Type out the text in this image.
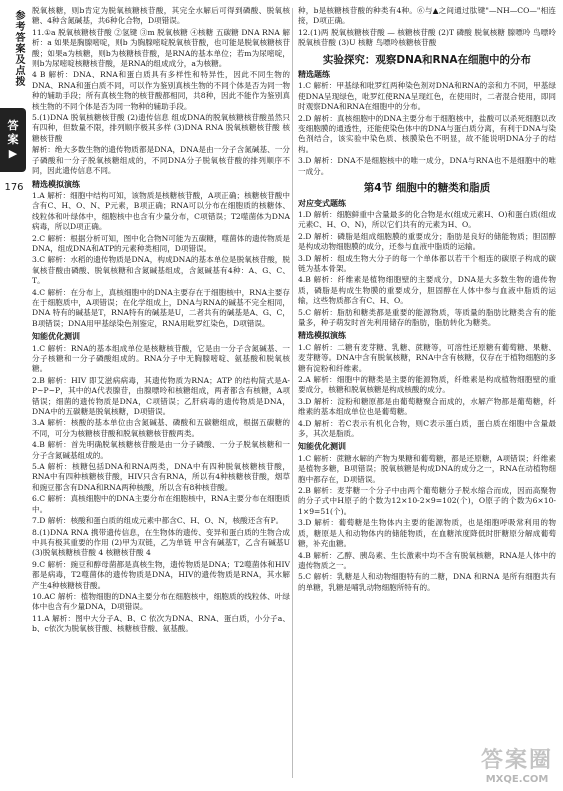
参考答案及点拨
答
案
▶
176

脱氧核糖，则b肯定为脱氧核糖核苷酸，其完全水解后可得到磷酸、脱氧核糖、4种含氮碱基，共6种化合物，D项错误。

11.①a 脱氧核糖核苷酸 ②氢键 ③m 脱氧核糖 ④核糖 五碳糖 DNA RNA 解析：a 如果是胸腺嘧啶，则b 为胸腺嘧啶脱氧核苷酸，也可能是脱氧核糖核苷酸；如果a为核糖，则b为核糖核苷酸，是RNA的基本单位；若m为尿嘧啶，则b为尿嘧啶核糖核苷酸，是RNA的组成成分，a为核糖。

4 B 解析：DNA、RNA和蛋白质具有多样性和特异性，因此不同生物的DNA、RNA和蛋白质不同，可以作为鉴别真核生物的不同个体是否为同一物种的辅助手段；所有真核生物的核苷酸都相同，共8种，因此不能作为鉴别真核生物的不同个体是否为同一物种的辅助手段。

5.(1)DNA 脱氧核糖核苷酸 (2)遗传信息 组成DNA的脱氧核糖核苷酸虽然只有四种，但数量不限，排列顺序极其多样 (3)DNA RNA 脱氧核糖核苷酸 核糖核苷酸

解析：绝大多数生物的遗传物质都是DNA，DNA是由一分子含氮碱基、一分子磷酸和一分子脱氧核糖组成的，不同DNA分子脱氧核苷酸的排列顺序不同，因此遗传信息不同。

精选模拟演练

1.A 解析：细胞中结构可知，该物质是核糖核苷酸，A项正确；核糖核苷酸中含有C、H、O、N、P元素，B项正确；RNA可以分布在细胞质的核糖体、线粒体和叶绿体中，细胞核中也含有少量分布，C项错误；T2噬菌体为DNA病毒，所以D项正确。

2.C 解析：根据分析可知，图中化合物N可能为五碳糖，噬菌体的遗传物质是DNA，组成DNA和ATP的元素种类相同，D项错误。

3.C 解析：水稻的遗传物质是DNA，构成DNA的基本单位是脱氧核苷酸，脱氧核苷酸由磷酸、脱氧核糖和含氮碱基组成，含氮碱基有4种：A、G、C、T。

4.C 解析：在分布上，真核细胞中的DNA主要存在于细胞核中，RNA主要存在于细胞质中，A项错误；在化学组成上，DNA与RNA的碱基不完全相同，DNA 特有的碱基是T，RNA特有的碱基是U，二者共有的碱基是A、G、C，B项错误；DNA用甲基绿染色剂鉴定，RNA用吡罗红染色，D项错误。

知能优化测训

1.C 解析：RNA的基本组成单位是核糖核苷酸，它是由一分子含氮碱基、一分子核糖和一分子磷酸组成的。RNA分子中无胸腺嘧啶、氨基酸和脱氧核糖。

2.B 解析：HIV 即艾滋病病毒，其遗传物质为RNA；ATP 的结构简式是A-P~P~P，其中的A代表腺苷，由腺嘌呤和核糖组成，两者都含有核糖，A项错误；细菌的遗传物质是DNA，C项错误；乙肝病毒的遗传物质是DNA，DNA中的五碳糖是脱氧核糖，D项错误。

3.A 解析：核酸的基本单位由含氮碱基、磷酸和五碳糖组成，根据五碳糖的不同，可分为核糖核苷酸和脱氧核糖核苷酸两类。

4.B 解析：首先明确脱氧核糖核苷酸是由一分子磷酸、一分子脱氧核糖和一分子含氮碱基组成的。

5.A 解析：核糖包括DNA和RNA两类，DNA中有四种脱氧核糖核苷酸，RNA中有四种核糖核苷酸，HIV只含有RNA，所以有4种核糖核苷酸，烟草和豌豆都含有DNA和RNA两种核酸，所以含有8种核苷酸。

6.C 解析：真核细胞中的DNA主要分布在细胞核中，RNA主要分布在细胞质中。

7.D 解析：核酸和蛋白质的组成元素中都含C、H、O、N，核酸还含有P。

8.(1)DNA RNA 携带遗传信息，在生物体的遗传、变异和蛋白质的生物合成中具有极其重要的作用 (2)甲为双链，乙为单链 甲含有碱基T，乙含有碱基U (3)脱氧核糖核苷酸 4 核糖核苷酸 4

9.C 解析：豌豆和醇母菌都是真核生物，遗传物质是DNA；T2噬菌体和HIV都是病毒，T2噬菌体的遗传物质是DNA，HIV的遗传物质是RNA，其水解产生4种核糖核苷酸。

10.AC 解析：植物细胞的DNA主要分布在细胞核中，细胞质的线粒体、叶绿体中也含有少量DNA，D项错误。

11.A 解析：图中大分子A、B、C 依次为DNA、RNA、蛋白质，小分子a、b、c依次为脱氧核苷酸、核糖核苷酸、氨基酸。

种，b是核糖核苷酸的种类有4种。⑥与▲之间通过肽键"—NH—CO—"相连接，D项正确。

12.(1)两 脱氧核糖核苷酸 — 核糖核苷酸 (2)T 磷酸 脱氧核糖 腺嘌呤 鸟嘌呤脱氧核苷酸 (3)U 核糖 鸟嘌呤核糖核苷酸

实验探究：观察DNA和RNA在细胞中的分布
精选题练

1.C 解析：甲基绿和吡罗红两种染色剂对DNA和RNA的亲和力不同，甲基绿使DNA呈现绿色，吡罗红使RNA呈现红色，在使用时，二者混合使用，即同时观察DNA和RNA在细胞中的分布。

2.D 解析：真核细胞中的DNA主要分布于细胞核中，盐酸可以杀死细胞以改变细胞膜的通透性，还能使染色体中的DNA与蛋白质分离，有利于DNA与染色剂结合，该实验中染色质、核膜染色不明显，故不能说明DNA分子的结构。

3.D 解析：DNA不是细胞核中的唯一成分，DNA与RNA也不是细胞中的唯一成分。

第4节 细胞中的糖类和脂质
对应变式题练

1.D 解析：细胞鲜重中含量最多的化合物是水(组成元素H、O)和蛋白质(组成元素C、H、O、N)，所以它们共有的元素为H、O。

2.D 解析：磷脂是组成细胞膜的重要成分；脂肪是良好的储能物质；胆固醇是构成动物细胞膜的成分，还参与血液中脂质的运输。

3.D 解析：组成生物大分子的每一个单体都以若干个相连的碳原子构成的碳链为基本骨架。

4.B 解析：纤维素是植物细胞壁的主要成分，DNA是大多数生物的遗传物质，磷脂是构成生物膜的重要成分，胆固醇在人体中参与血液中脂质的运输，这些物质都含有C、H、O。

5.C 解析：脂肪和糖类都是重要的能源物质，等质量的脂肪比糖类含有的能量多，种子萌发时首先利用储存的脂肪，脂肪转化为糖类。

精选模拟演练

1.C 解析：二糖有麦芽糖、乳糖、蔗糖等，可溶性还原糖有葡萄糖、果糖、麦芽糖等。DNA中含有脱氧核糖，RNA中含有核糖，仅存在于植物细胞的多糖有淀粉和纤维素。

2.A 解析：细胞中的糖类是主要的能源物质，纤维素是构成植物细胞壁的重要成分，核糖和脱氧核糖是构成核酸的成分。

3.D 解析：淀粉和糖原都是由葡萄糖聚合而成的，水解产物都是葡萄糖，纤维素的基本组成单位也是葡萄糖。

4.D 解析：若C表示有机化合物，则C表示蛋白质，蛋白质在细胞中含量最多，其次是脂质。

知能优化测训

1.C 解析：蔗糖水解的产物为果糖和葡萄糖，都是还原糖，A项错误；纤维素是植物多糖，B项错误；脱氧核糖是构成DNA的成分之一，RNA在动植物细胞中都存在，D项错误。

2.B 解析：麦芽糖一个分子中由两个葡萄糖分子脱水缩合而成，因而高聚物的分子式中H原子的个数为12×10-2×9=102(个)，O原子的个数为6×10-1×9=51(个)。

3.D 解析：葡萄糖是生物体内主要的能源物质，也是细胞呼吸常利用的物质，糖原是人和动物体内的储能物质，在血糖浓度降低时肝糖原分解成葡萄糖，补充血糖。

4.B 解析：乙醇、胰岛素、生长激素中均不含有脱氧核糖，RNA是人体中的遗传物质之一。

5.C 解析：乳糖是人和动物细胞特有的二糖，DNA 和RNA 是所有细胞共有的单糖，乳糖是哺乳动物细胞所特有的。

答案圈
MXQE.COM
